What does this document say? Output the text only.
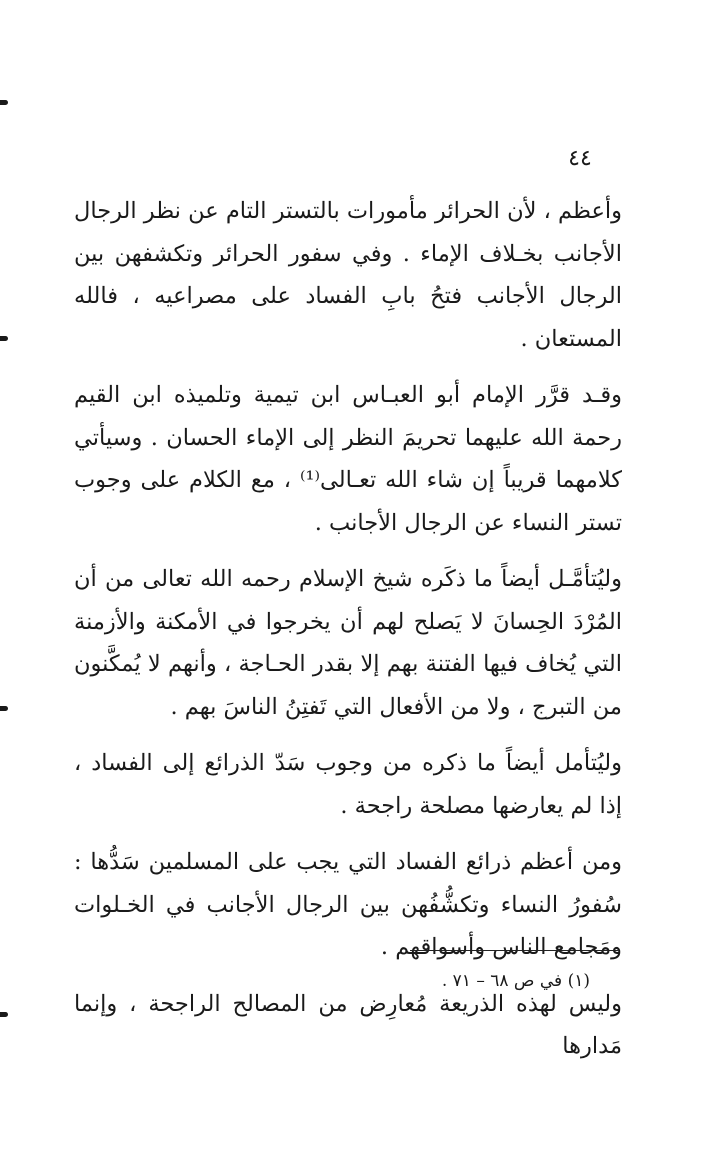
٤٤

وأعظم ، لأن الحرائر مأمورات بالتستر التام عن نظر الرجال الأجانب بخـلاف الإماء . وفي سفور الحرائر وتكشفهن بين الرجال الأجانب فتحُ بابِ الفساد على مصراعيه ، فالله المستعان .

وقـد قرَّر الإمام أبو العبـاس ابن تيمية وتلميذه ابن القيم رحمة الله عليهما تحريمَ النظر إلى الإماء الحسان . وسيأتي كلامهما قريباً إن شاء الله تعـالى⁽¹⁾ ، مع الكلام على وجوب تستر النساء عن الرجال الأجانب .

وليُتأمَّـل أيضاً ما ذكَره شيخ الإسلام رحمه الله تعالى من أن المُرْدَ الحِسانَ لا يَصلح لهم أن يخرجوا في الأمكنة والأزمنة التي يُخاف فيها الفتنة بهم إلا بقدر الحـاجة ، وأنهم لا يُمكَّنون من التبرج ، ولا من الأفعال التي تَفتِنُ الناسَ بهم .

وليُتأمل أيضاً ما ذكره من وجوب سَدّ الذرائع إلى الفساد ، إذا لم يعارضها مصلحة راجحة .

ومن أعظم ذرائع الفساد التي يجب على المسلمين سَدُّها : سُفورُ النساء وتكشُّفُهن بين الرجال الأجانب في الخـلوات ومَجامع الناس وأسواقهم .

وليس لهذه الذريعة مُعارِض من المصالح الراجحة ، وإنما مَدارها

(١) في ص ٦٨ – ٧١ .
